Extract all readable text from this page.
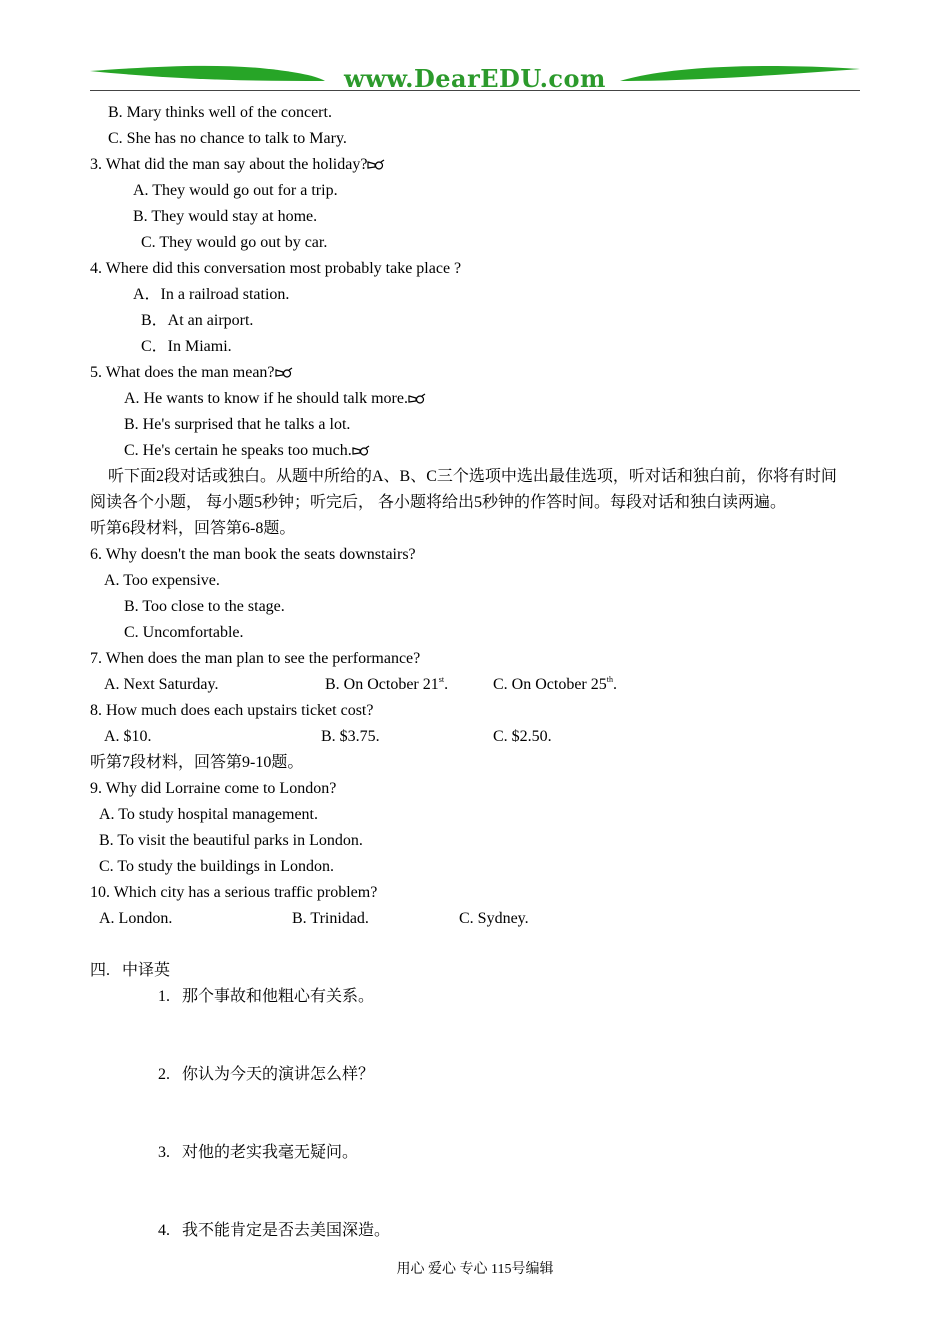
www.DearEDU.com
B. Mary thinks well of the concert.
C. She has no chance to talk to Mary.
3. What did the man say about the holiday?
A. They would go out for a trip.
B. They would stay at home.
C. They would go out by car.
4. Where did this conversation most probably take place ?
A．In a railroad station.
B．At an airport.
C．In Miami.
5. What does the man mean?
A. He wants to know if he should talk more.
B. He's surprised that he talks a lot.
C. He's certain he speaks too much.
听下面2段对话或独白。从题中所给的A、B、C三个选项中选出最佳选项，听对话和独白前，你将有时间
阅读各个小题， 每小题5秒钟；听完后， 各小题将给出5秒钟的作答时间。每段对话和独白读两遍。
听第6段材料，回答第6-8题。
6. Why doesn't the man book the seats downstairs?
A. Too expensive.
B. Too close to the stage.
C. Uncomfortable.
7. When does the man plan to see the performance?
A. Next Saturday.	B. On October 21st.	C. On October 25th.
8. How much does each upstairs ticket cost?
A. $10.	B. $3.75.	C. $2.50.
听第7段材料，回答第9-10题。
9. Why did Lorraine come to London?
A. To study hospital management.
B. To visit the beautiful parks in London.
C. To study the buildings in London.
10. Which city has a serious traffic problem?
A. London.	B. Trinidad.	C. Sydney.
四.   中译英
1.   那个事故和他粗心有关系。
2.   你认为今天的演讲怎么样？
3.   对他的老实我毫无疑问。
4.   我不能肯定是否去美国深造。
用心 爱心 专心 115号编辑
